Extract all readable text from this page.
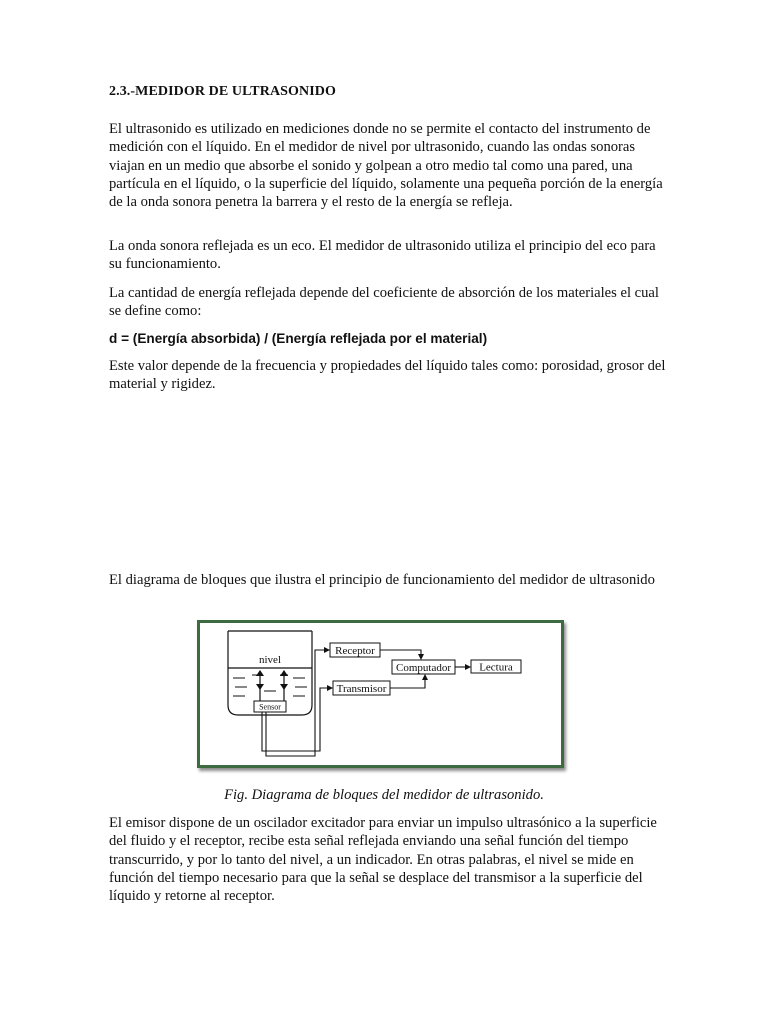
2.3.-MEDIDOR DE ULTRASONIDO

El ultrasonido es utilizado en mediciones donde no se permite el contacto del instrumento de medición con el líquido. En el medidor de nivel por ultrasonido, cuando las ondas sonoras viajan en un medio que absorbe el sonido y golpean a otro medio tal como una pared, una partícula en el líquido, o la superficie del líquido, solamente una pequeña porción de la energía de la onda sonora penetra la barrera y el resto de la energía se refleja.

La onda sonora reflejada es un eco. El medidor de ultrasonido utiliza el principio del eco para su funcionamiento.

La cantidad de energía reflejada depende del coeficiente de absorción de los materiales el cual se define como:

d = (Energía absorbida) / (Energía reflejada por el material)

Este valor depende de la frecuencia y propiedades del líquido tales como: porosidad, grosor del material y rigidez.

El diagrama de bloques que ilustra el principio de funcionamiento del medidor de ultrasonido

Sensor
nivel
Receptor
Transmisor
Computador	Lectura
Fig. Diagrama de bloques del medidor de ultrasonido.

El emisor dispone de un oscilador excitador para enviar un impulso ultrasónico a la superficie del fluido y el receptor, recibe esta señal reflejada enviando una señal función del tiempo transcurrido, y por lo tanto del nivel, a un indicador. En otras palabras, el nivel se mide en función del tiempo necesario para que la señal se desplace del transmisor a la superficie del líquido y retorne al receptor.
